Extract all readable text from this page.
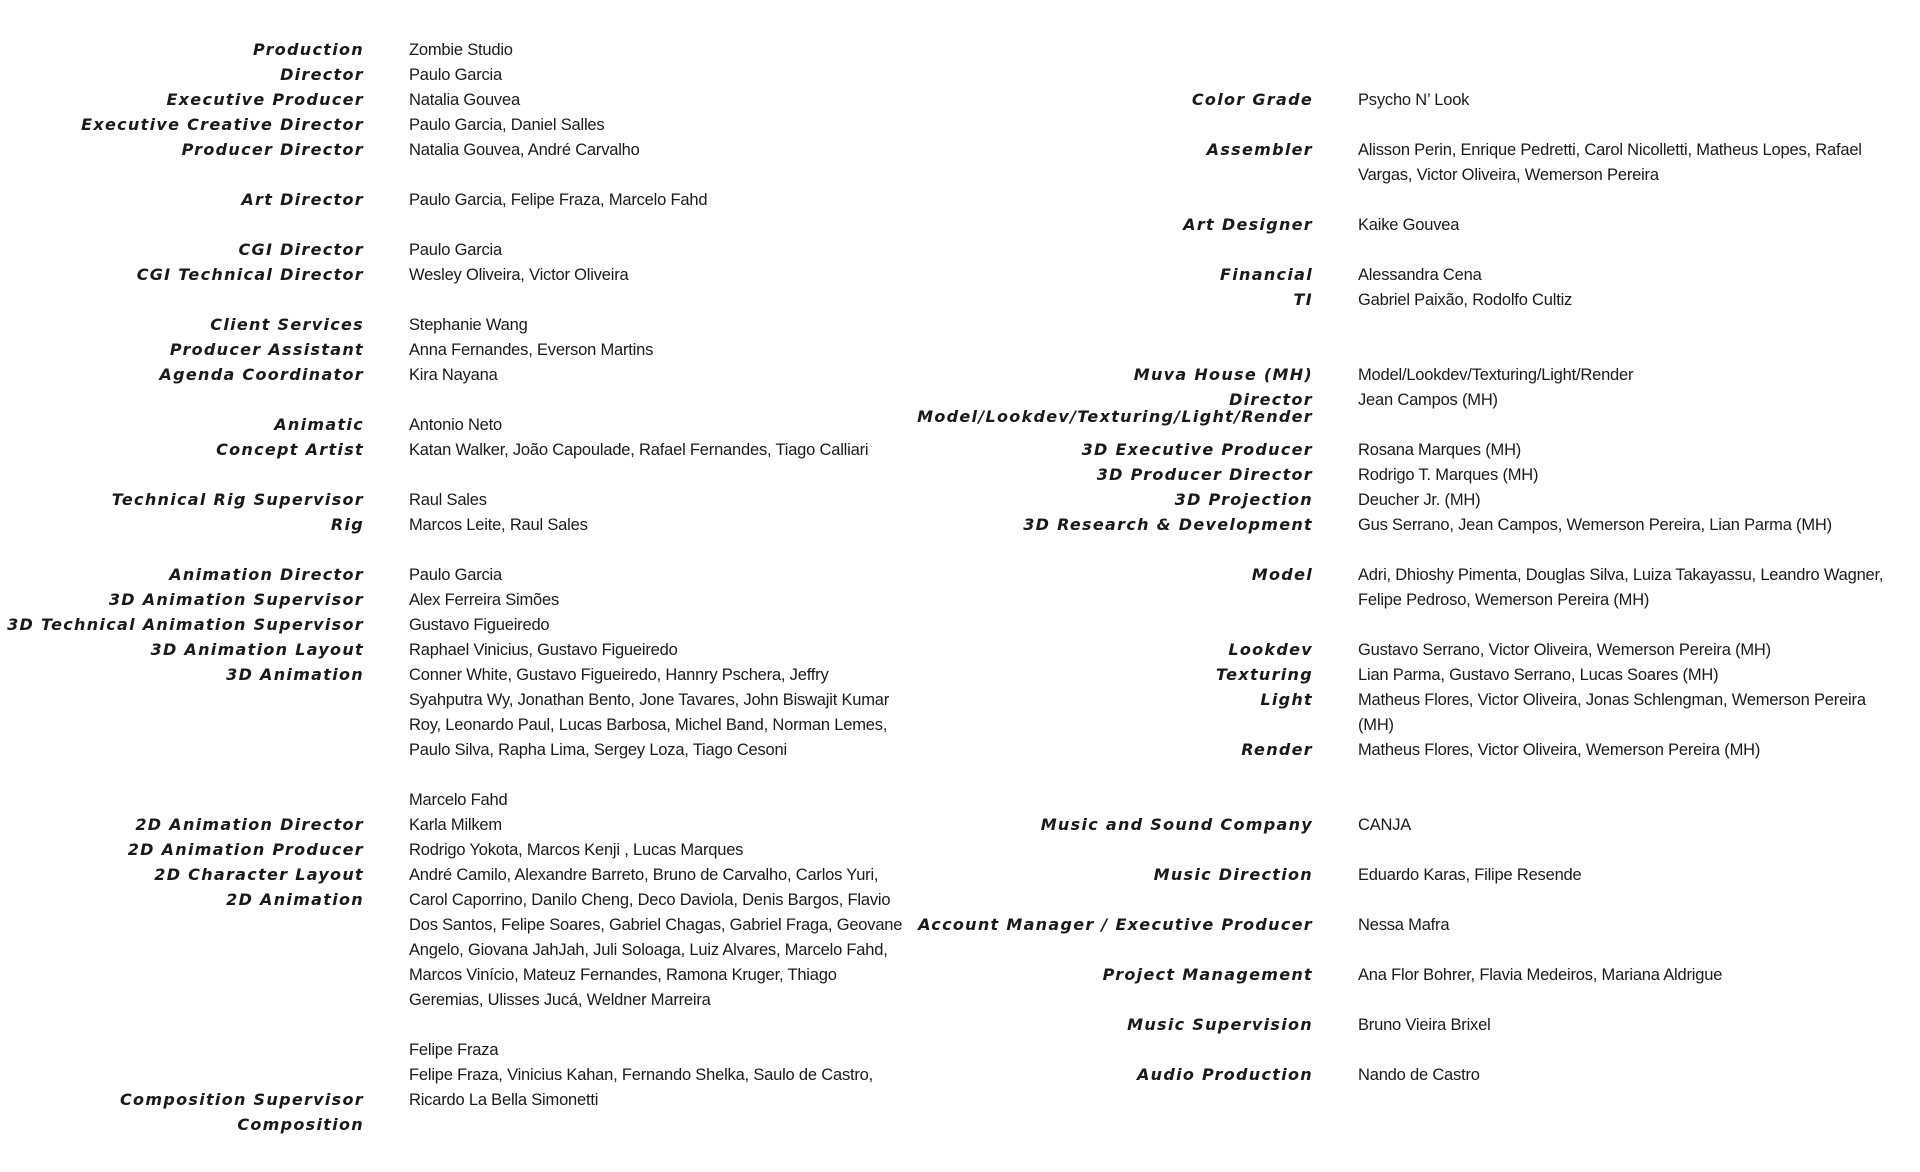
Production
Director
Executive Producer
Executive Creative Director
Producer Director
Art Director
CGI Director
CGI Technical Director
Client Services
Producer Assistant
Agenda Coordinator
Animatic
Concept Artist
Technical Rig Supervisor
Rig
Animation Director
3D Animation Supervisor
3D Technical Animation Supervisor
3D Animation Layout
3D Animation
2D Animation Director
2D Animation Producer
2D Character Layout
2D Animation
Composition Supervisor
Composition
Zombie Studio
Paulo Garcia
Natalia Gouvea
Paulo Garcia, Daniel Salles
Natalia Gouvea, André Carvalho
Paulo Garcia, Felipe Fraza, Marcelo Fahd
Paulo Garcia
Wesley Oliveira, Victor Oliveira
Stephanie Wang
Anna Fernandes, Everson Martins
Kira Nayana
Antonio Neto
Katan Walker, João Capoulade, Rafael Fernandes, Tiago Calliari
Raul Sales
Marcos Leite, Raul Sales
Paulo Garcia
Alex Ferreira Simões
Gustavo Figueiredo
Raphael Vinicius, Gustavo Figueiredo
Conner White, Gustavo Figueiredo, Hannry Pschera, Jeffry
Syahputra Wy, Jonathan Bento, Jone Tavares, John Biswajit Kumar
Roy, Leonardo Paul, Lucas Barbosa, Michel Band, Norman Lemes,
Paulo Silva, Rapha Lima, Sergey Loza, Tiago Cesoni
Marcelo Fahd
Karla Milkem
Rodrigo Yokota, Marcos Kenji , Lucas Marques
André Camilo, Alexandre Barreto, Bruno de Carvalho, Carlos Yuri,
Carol Caporrino, Danilo Cheng, Deco Daviola, Denis Bargos, Flavio
Dos Santos, Felipe Soares, Gabriel Chagas, Gabriel Fraga, Geovane
Angelo, Giovana JahJah, Juli Soloaga, Luiz Alvares, Marcelo Fahd,
Marcos Vinício, Mateuz Fernandes, Ramona Kruger, Thiago
Geremias, Ulisses Jucá, Weldner Marreira
Felipe Fraza
Felipe Fraza, Vinicius Kahan, Fernando Shelka, Saulo de Castro,
Ricardo La Bella Simonetti
Color Grade
Assembler
Art Designer
Financial
TI
Muva House (MH)
Director
Model/Lookdev/Texturing/Light/Render
3D Executive Producer
3D Producer Director
3D Projection
3D Research & Development
Model
Lookdev
Texturing
Light
Render
Music and Sound Company
Music Direction
Account Manager / Executive Producer
Project Management
Music Supervision
Audio Production
Psycho N’ Look
Alisson Perin, Enrique Pedretti, Carol Nicolletti, Matheus Lopes, Rafael
Vargas, Victor Oliveira, Wemerson Pereira
Kaike Gouvea
Alessandra Cena
Gabriel Paixão, Rodolfo Cultiz
Model/Lookdev/Texturing/Light/Render
Jean Campos (MH)
Rosana Marques (MH)
Rodrigo T. Marques (MH)
Deucher Jr. (MH)
Gus Serrano, Jean Campos, Wemerson Pereira, Lian Parma (MH)
Adri, Dhioshy Pimenta, Douglas Silva, Luiza Takayassu, Leandro Wagner,
Felipe Pedroso, Wemerson Pereira (MH)
Gustavo Serrano, Victor Oliveira, Wemerson Pereira (MH)
Lian Parma, Gustavo Serrano, Lucas Soares (MH)
Matheus Flores, Victor Oliveira, Jonas Schlengman, Wemerson Pereira
(MH)
Matheus Flores, Victor Oliveira, Wemerson Pereira (MH)
CANJA
Eduardo Karas, Filipe Resende
Nessa Mafra
Ana Flor Bohrer, Flavia Medeiros, Mariana Aldrigue
Bruno Vieira Brixel
Nando de Castro
